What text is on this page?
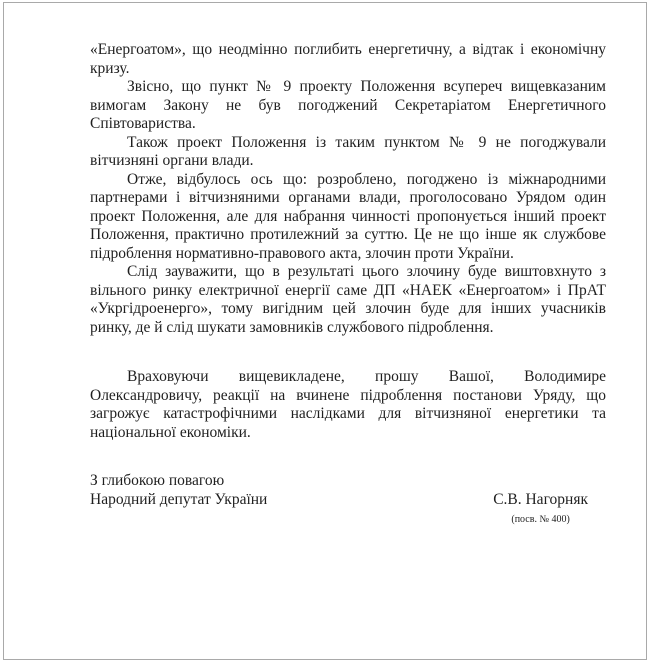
«Енергоатом», що неодмінно поглибить енергетичну, а відтак і економічну кризу.

Звісно, що пункт № 9 проекту Положення всупереч вищевказаним вимогам Закону не був погоджений Секретаріатом Енергетичного Співтовариства.

Також проект Положення із таким пунктом № 9 не погоджували вітчизняні органи влади.

Отже, відбулось ось що: розроблено, погоджено із міжнародними партнерами і вітчизняними органами влади, проголосовано Урядом один проект Положення, але для набрання чинності пропонується інший проект Положення, практично протилежний за суттю. Це не що інше як службове підроблення нормативно-правового акта, злочин проти України.

Слід зауважити, що в результаті цього злочину буде виштовхнуто з вільного ринку електричної енергії саме ДП «НАЕК «Енергоатом» і ПрАТ «Укргідроенерго», тому вигідним цей злочин буде для інших учасників ринку, де й слід шукати замовників службового підроблення.

Враховуючи вищевикладене, прошу Вашої, Володимире Олександровичу, реакції на вчинене підроблення постанови Уряду, що загрожує катастрофічними наслідками для вітчизняної енергетики та національної економіки.

З глибокою повагою

Народний депутат України	С.В. Нагорняк
(посв. № 400)
